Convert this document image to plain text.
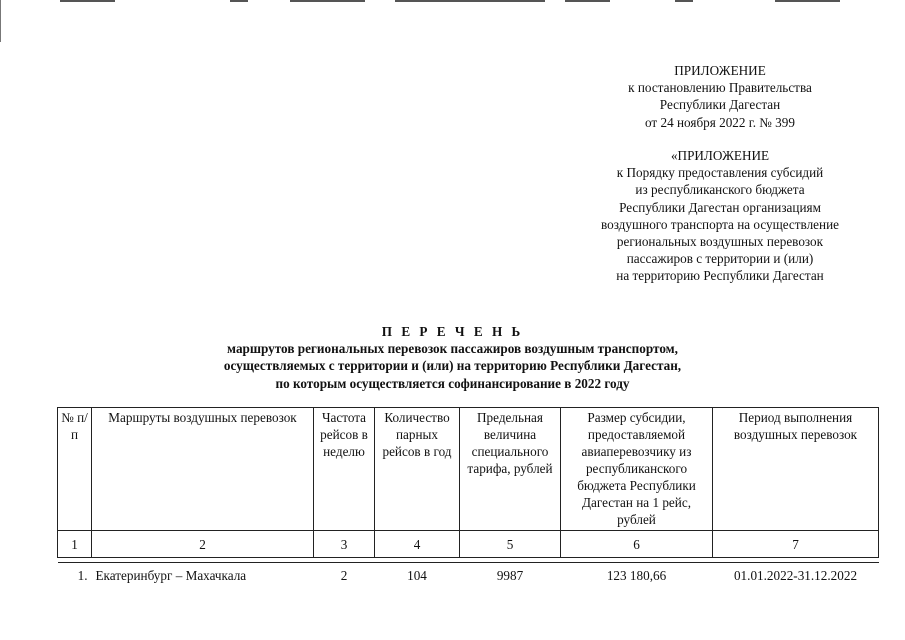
ПРИЛОЖЕНИЕ
к постановлению Правительства
Республики Дагестан
от 24 ноября 2022 г. № 399
«ПРИЛОЖЕНИЕ
к Порядку предоставления субсидий
из республиканского бюджета
Республики Дагестан организациям
воздушного транспорта на осуществление
региональных воздушных перевозок
пассажиров с территории и (или)
на территорию Республики Дагестан
П Е Р Е Ч Е Н Ь
маршрутов региональных перевозок пассажиров воздушным транспортом,
осуществляемых с территории и (или) на территорию Республики Дагестан,
по которым осуществляется софинансирование в 2022 году
№ п/п	Маршруты воздушных перевозок	Частота рейсов в неделю	Количество парных рейсов в год	Предельная величина специального тарифа, рублей	Размер субсидии, предоставляемой авиаперевозчику из республиканского бюджета Республики Дагестан на 1 рейс, рублей	Период выполнения воздушных перевозок
1	2	3	4	5	6	7

1.	Екатеринбург – Махачкала	2	104	9987	123 180,66	01.01.2022-31.12.2022
